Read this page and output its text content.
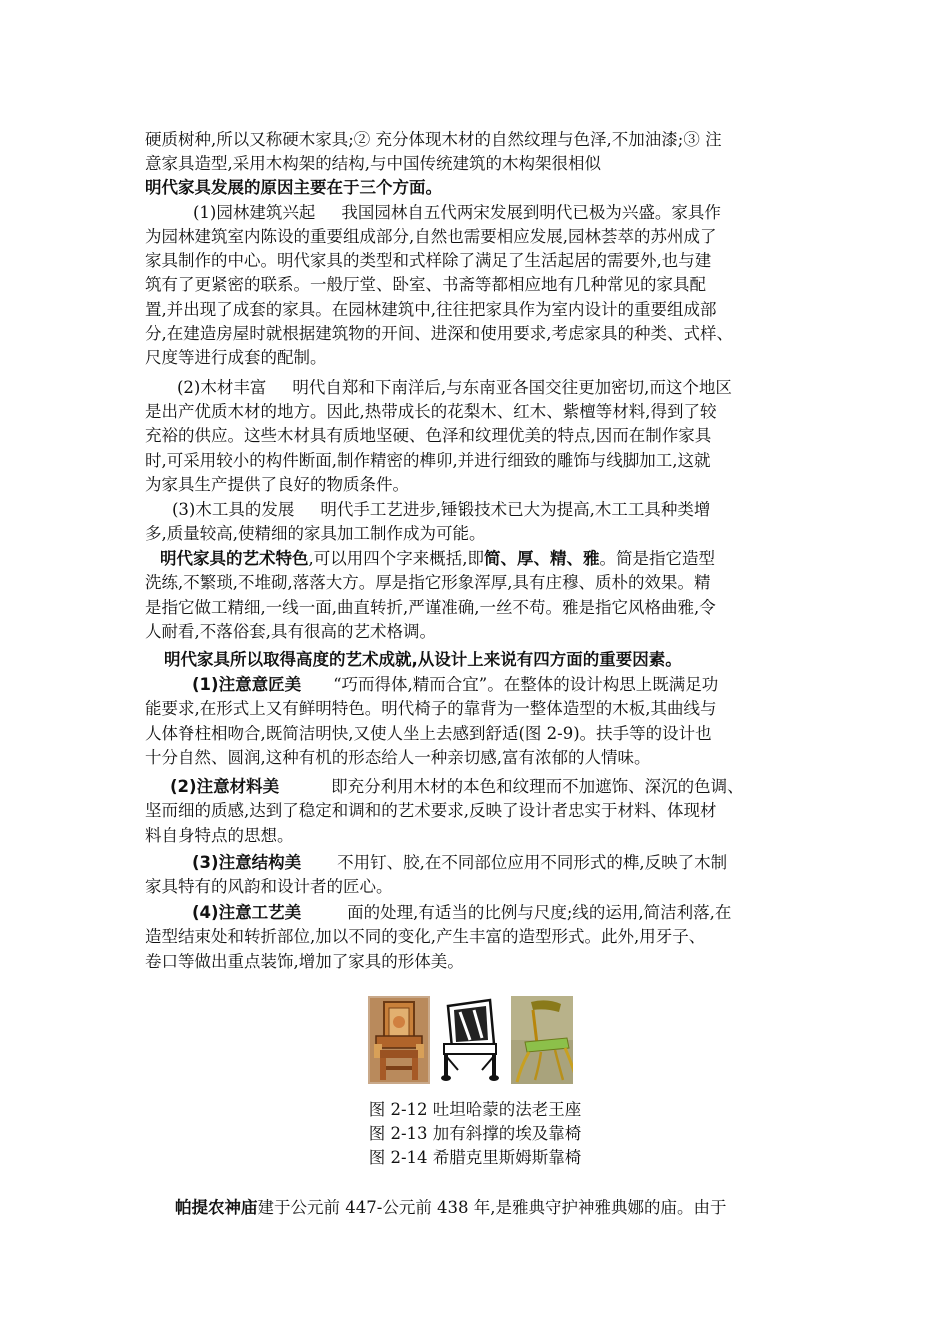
硬质树种,所以又称硬木家具;② 充分体现木材的自然纹理与色泽,不加油漆;③ 注
意家具造型,采用木构架的结构,与中国传统建筑的木构架很相似
明代家具发展的原因主要在于三个方面。
(1)园林建筑兴起 我国园林自五代两宋发展到明代已极为兴盛。家具作
为园林建筑室内陈设的重要组成部分,自然也需要相应发展,园林荟萃的苏州成了
家具制作的中心。明代家具的类型和式样除了满足了生活起居的需要外,也与建
筑有了更紧密的联系。一般厅堂、卧室、书斋等都相应地有几种常见的家具配
置,并出现了成套的家具。在园林建筑中,往往把家具作为室内设计的重要组成部
分,在建造房屋时就根据建筑物的开间、进深和使用要求,考虑家具的种类、式样、
尺度等进行成套的配制。
(2)木材丰富 明代自郑和下南洋后,与东南亚各国交往更加密切,而这个地区
是出产优质木材的地方。因此,热带成长的花梨木、红木、紫檀等材料,得到了较
充裕的供应。这些木材具有质地坚硬、色泽和纹理优美的特点,因而在制作家具
时,可采用较小的构件断面,制作精密的榫卯,并进行细致的雕饰与线脚加工,这就
为家具生产提供了良好的物质条件。
(3)木工具的发展 明代手工艺进步,锤锻技术已大为提高,木工工具种类增
多,质量较高,使精细的家具加工制作成为可能。
明代家具的艺术特色,可以用四个字来概括,即简、厚、精、雅。简是指它造型
洗练,不繁琐,不堆砌,落落大方。厚是指它形象浑厚,具有庄穆、质朴的效果。精
是指它做工精细,一线一面,曲直转折,严谨准确,一丝不苟。雅是指它风格曲雅,令
人耐看,不落俗套,具有很高的艺术格调。
明代家具所以取得高度的艺术成就,从设计上来说有四方面的重要因素。
(1)注意意匠美 “巧而得体,精而合宜”。在整体的设计构思上既满足功
能要求,在形式上又有鲜明特色。明代椅子的靠背为一整体造型的木板,其曲线与
人体脊柱相吻合,既简洁明快,又使人坐上去感到舒适(图 2-9)。扶手等的设计也
十分自然、圆润,这种有机的形态给人一种亲切感,富有浓郁的人情味。
(2)注意材料美	即充分利用木材的本色和纹理而不加遮饰、深沉的色调、
坚而细的质感,达到了稳定和调和的艺术要求,反映了设计者忠实于材料、体现材
料自身特点的思想。
(3)注意结构美 不用钉、胶,在不同部位应用不同形式的榫,反映了木制
家具特有的风韵和设计者的匠心。
(4)注意工艺美	面的处理,有适当的比例与尺度;线的运用,简洁利落,在
造型结束处和转折部位,加以不同的变化,产生丰富的造型形式。此外,用牙子、
卷口等做出重点装饰,增加了家具的形体美。
图 2-12 吐坦哈蒙的法老王座
图 2-13 加有斜撑的埃及靠椅
图 2-14 希腊克里斯姆斯靠椅
帕提农神庙建于公元前 447-公元前 438 年,是雅典守护神雅典娜的庙。由于
